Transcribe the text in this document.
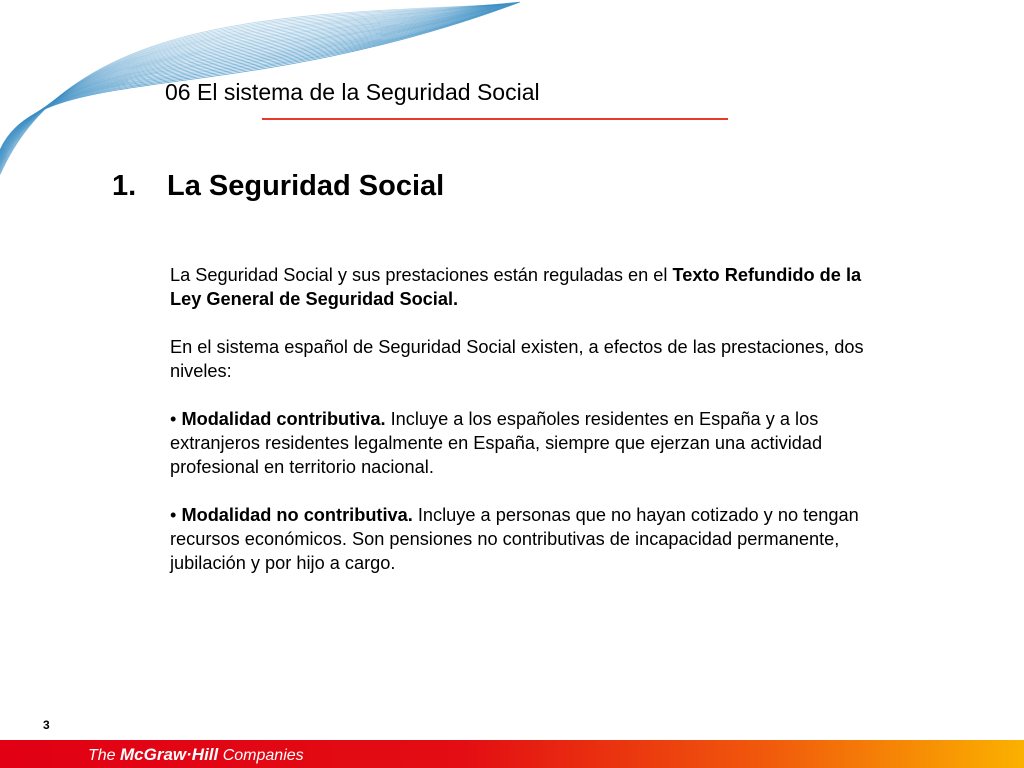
06 El sistema de la Seguridad Social
1. La Seguridad Social

La Seguridad Social y sus prestaciones están reguladas en el Texto Refundido de la Ley General de Seguridad Social.

En el sistema español de Seguridad Social existen, a efectos de las prestaciones, dos niveles:

• Modalidad contributiva. Incluye a los españoles residentes en España y a los extranjeros residentes legalmente en España, siempre que ejerzan una actividad profesional en territorio nacional.

• Modalidad no contributiva. Incluye a personas que no hayan cotizado y no tengan recursos económicos. Son pensiones no contributivas de incapacidad permanente, jubilación y por hijo a cargo.

3
The McGraw·Hill Companies
